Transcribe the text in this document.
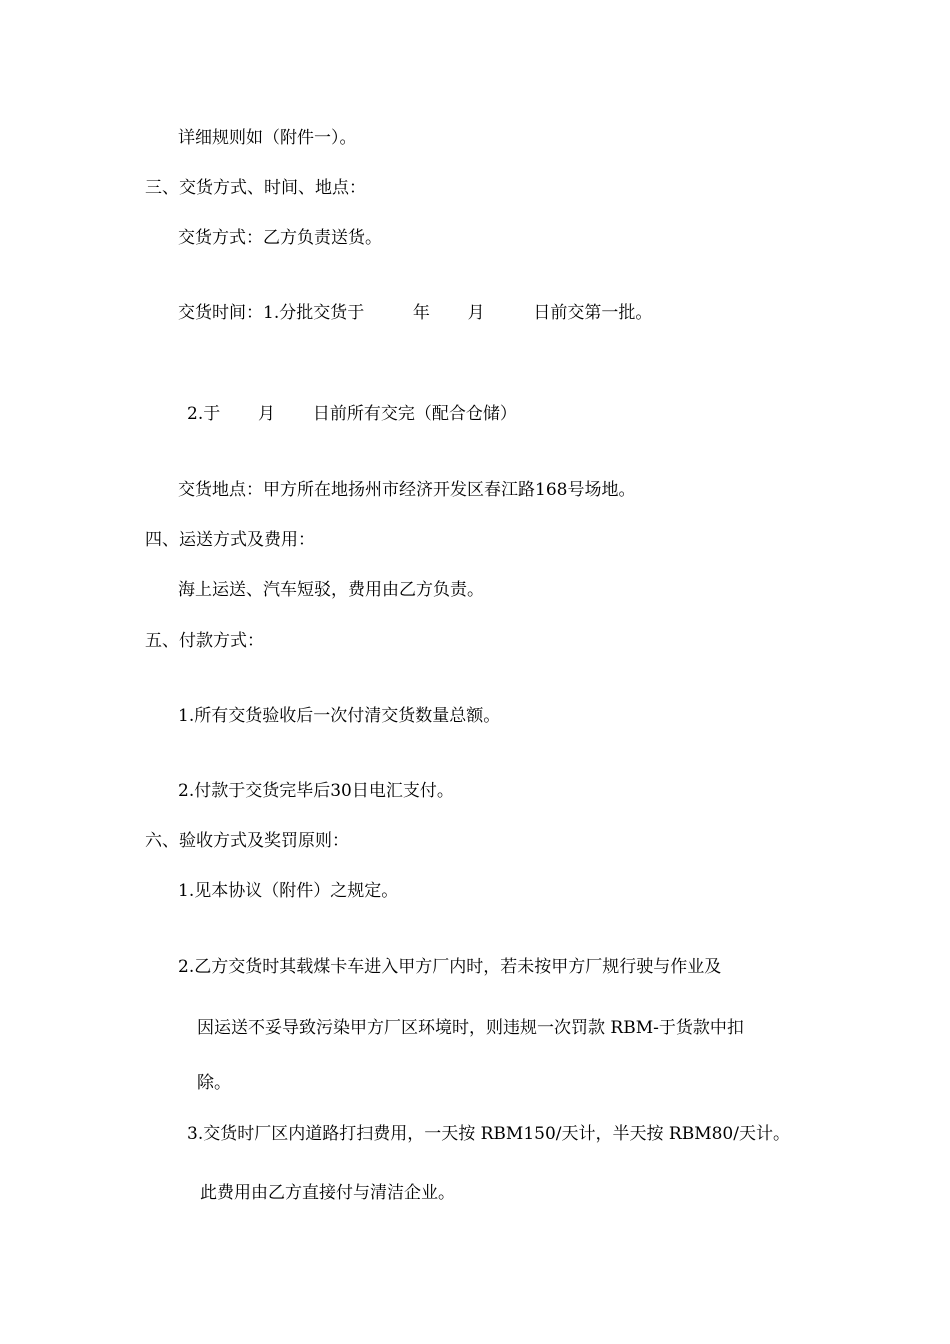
详细规则如（附件一）。
三、交货方式、时间、地点：
交货方式：乙方负责送货。
交货时间：1.分批交货于         年       月         日前交第一批。
2.于       月       日前所有交完（配合仓储）
交货地点：甲方所在地扬州市经济开发区春江路168号场地。
四、运送方式及费用：
海上运送、汽车短驳，费用由乙方负责。
五、付款方式：
1.所有交货验收后一次付清交货数量总额。
2.付款于交货完毕后30日电汇支付。
六、验收方式及奖罚原则：
1.见本协议（附件）之规定。
2.乙方交货时其载煤卡车进入甲方厂内时，若未按甲方厂规行驶与作业及
因运送不妥导致污染甲方厂区环境时，则违规一次罚款 RBM-于货款中扣
除。
3.交货时厂区内道路打扫费用，一天按 RBM150/天计，半天按 RBM80/天计。
此费用由乙方直接付与清洁企业。
